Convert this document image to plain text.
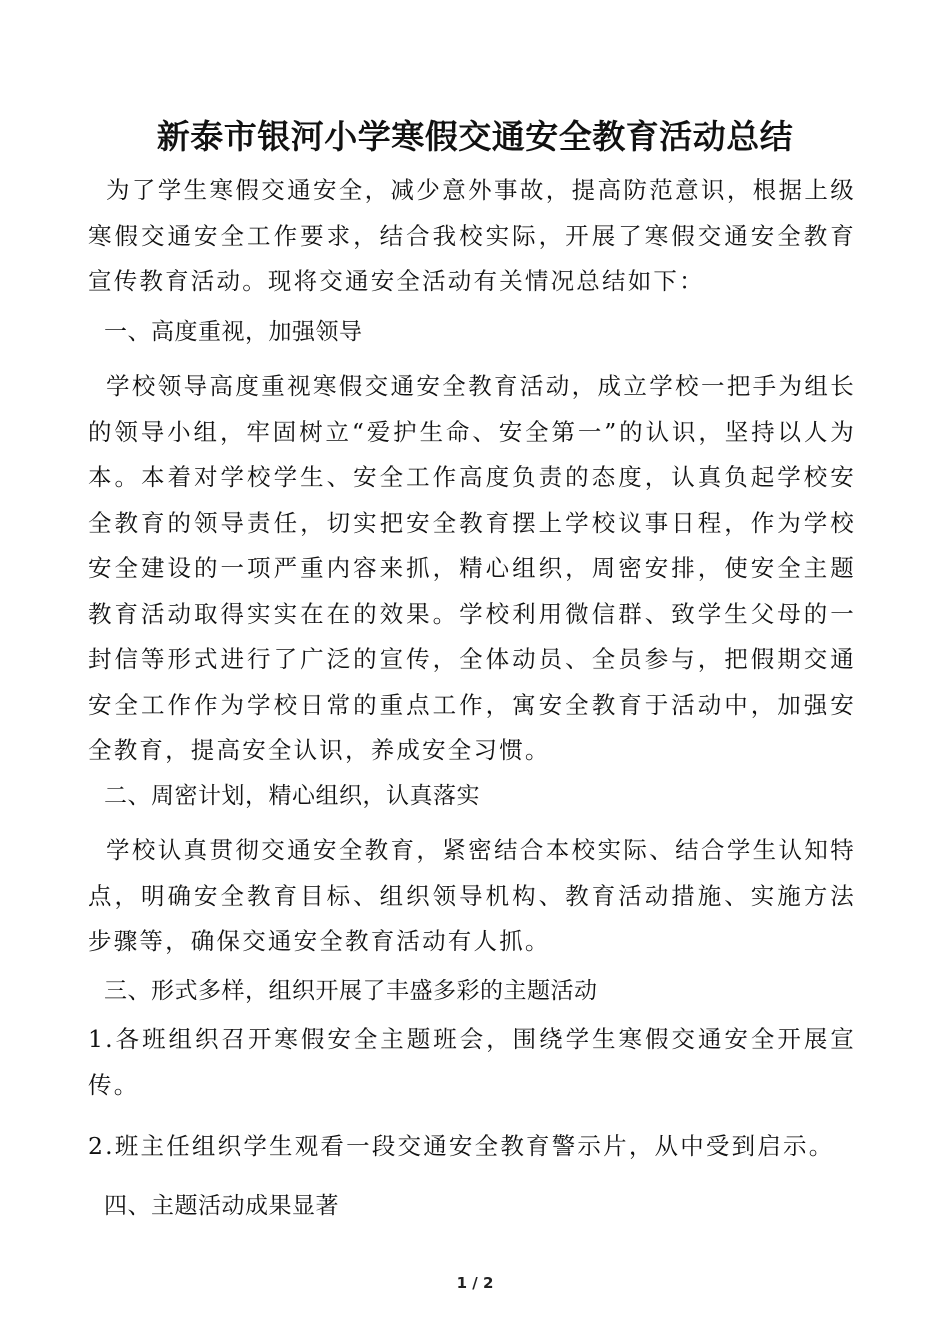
新泰市银河小学寒假交通安全教育活动总结

为了学生寒假交通安全，减少意外事故，提高防范意识，根据上级寒假交通安全工作要求，结合我校实际，开展了寒假交通安全教育宣传教育活动。现将交通安全活动有关情况总结如下：

一、高度重视，加强领导

学校领导高度重视寒假交通安全教育活动，成立学校一把手为组长的领导小组，牢固树立“爱护生命、安全第一”的认识，坚持以人为本。本着对学校学生、安全工作高度负责的态度，认真负起学校安全教育的领导责任，切实把安全教育摆上学校议事日程，作为学校安全建设的一项严重内容来抓，精心组织，周密安排，使安全主题教育活动取得实实在在的效果。学校利用微信群、致学生父母的一封信等形式进行了广泛的宣传，全体动员、全员参与，把假期交通安全工作作为学校日常的重点工作，寓安全教育于活动中，加强安全教育，提高安全认识，养成安全习惯。

二、周密计划，精心组织，认真落实

学校认真贯彻交通安全教育，紧密结合本校实际、结合学生认知特点，明确安全教育目标、组织领导机构、教育活动措施、实施方法步骤等，确保交通安全教育活动有人抓。

三、形式多样，组织开展了丰盛多彩的主题活动

1.各班组织召开寒假安全主题班会，围绕学生寒假交通安全开展宣传。

2.班主任组织学生观看一段交通安全教育警示片，从中受到启示。

四、主题活动成果显著

1 / 2
